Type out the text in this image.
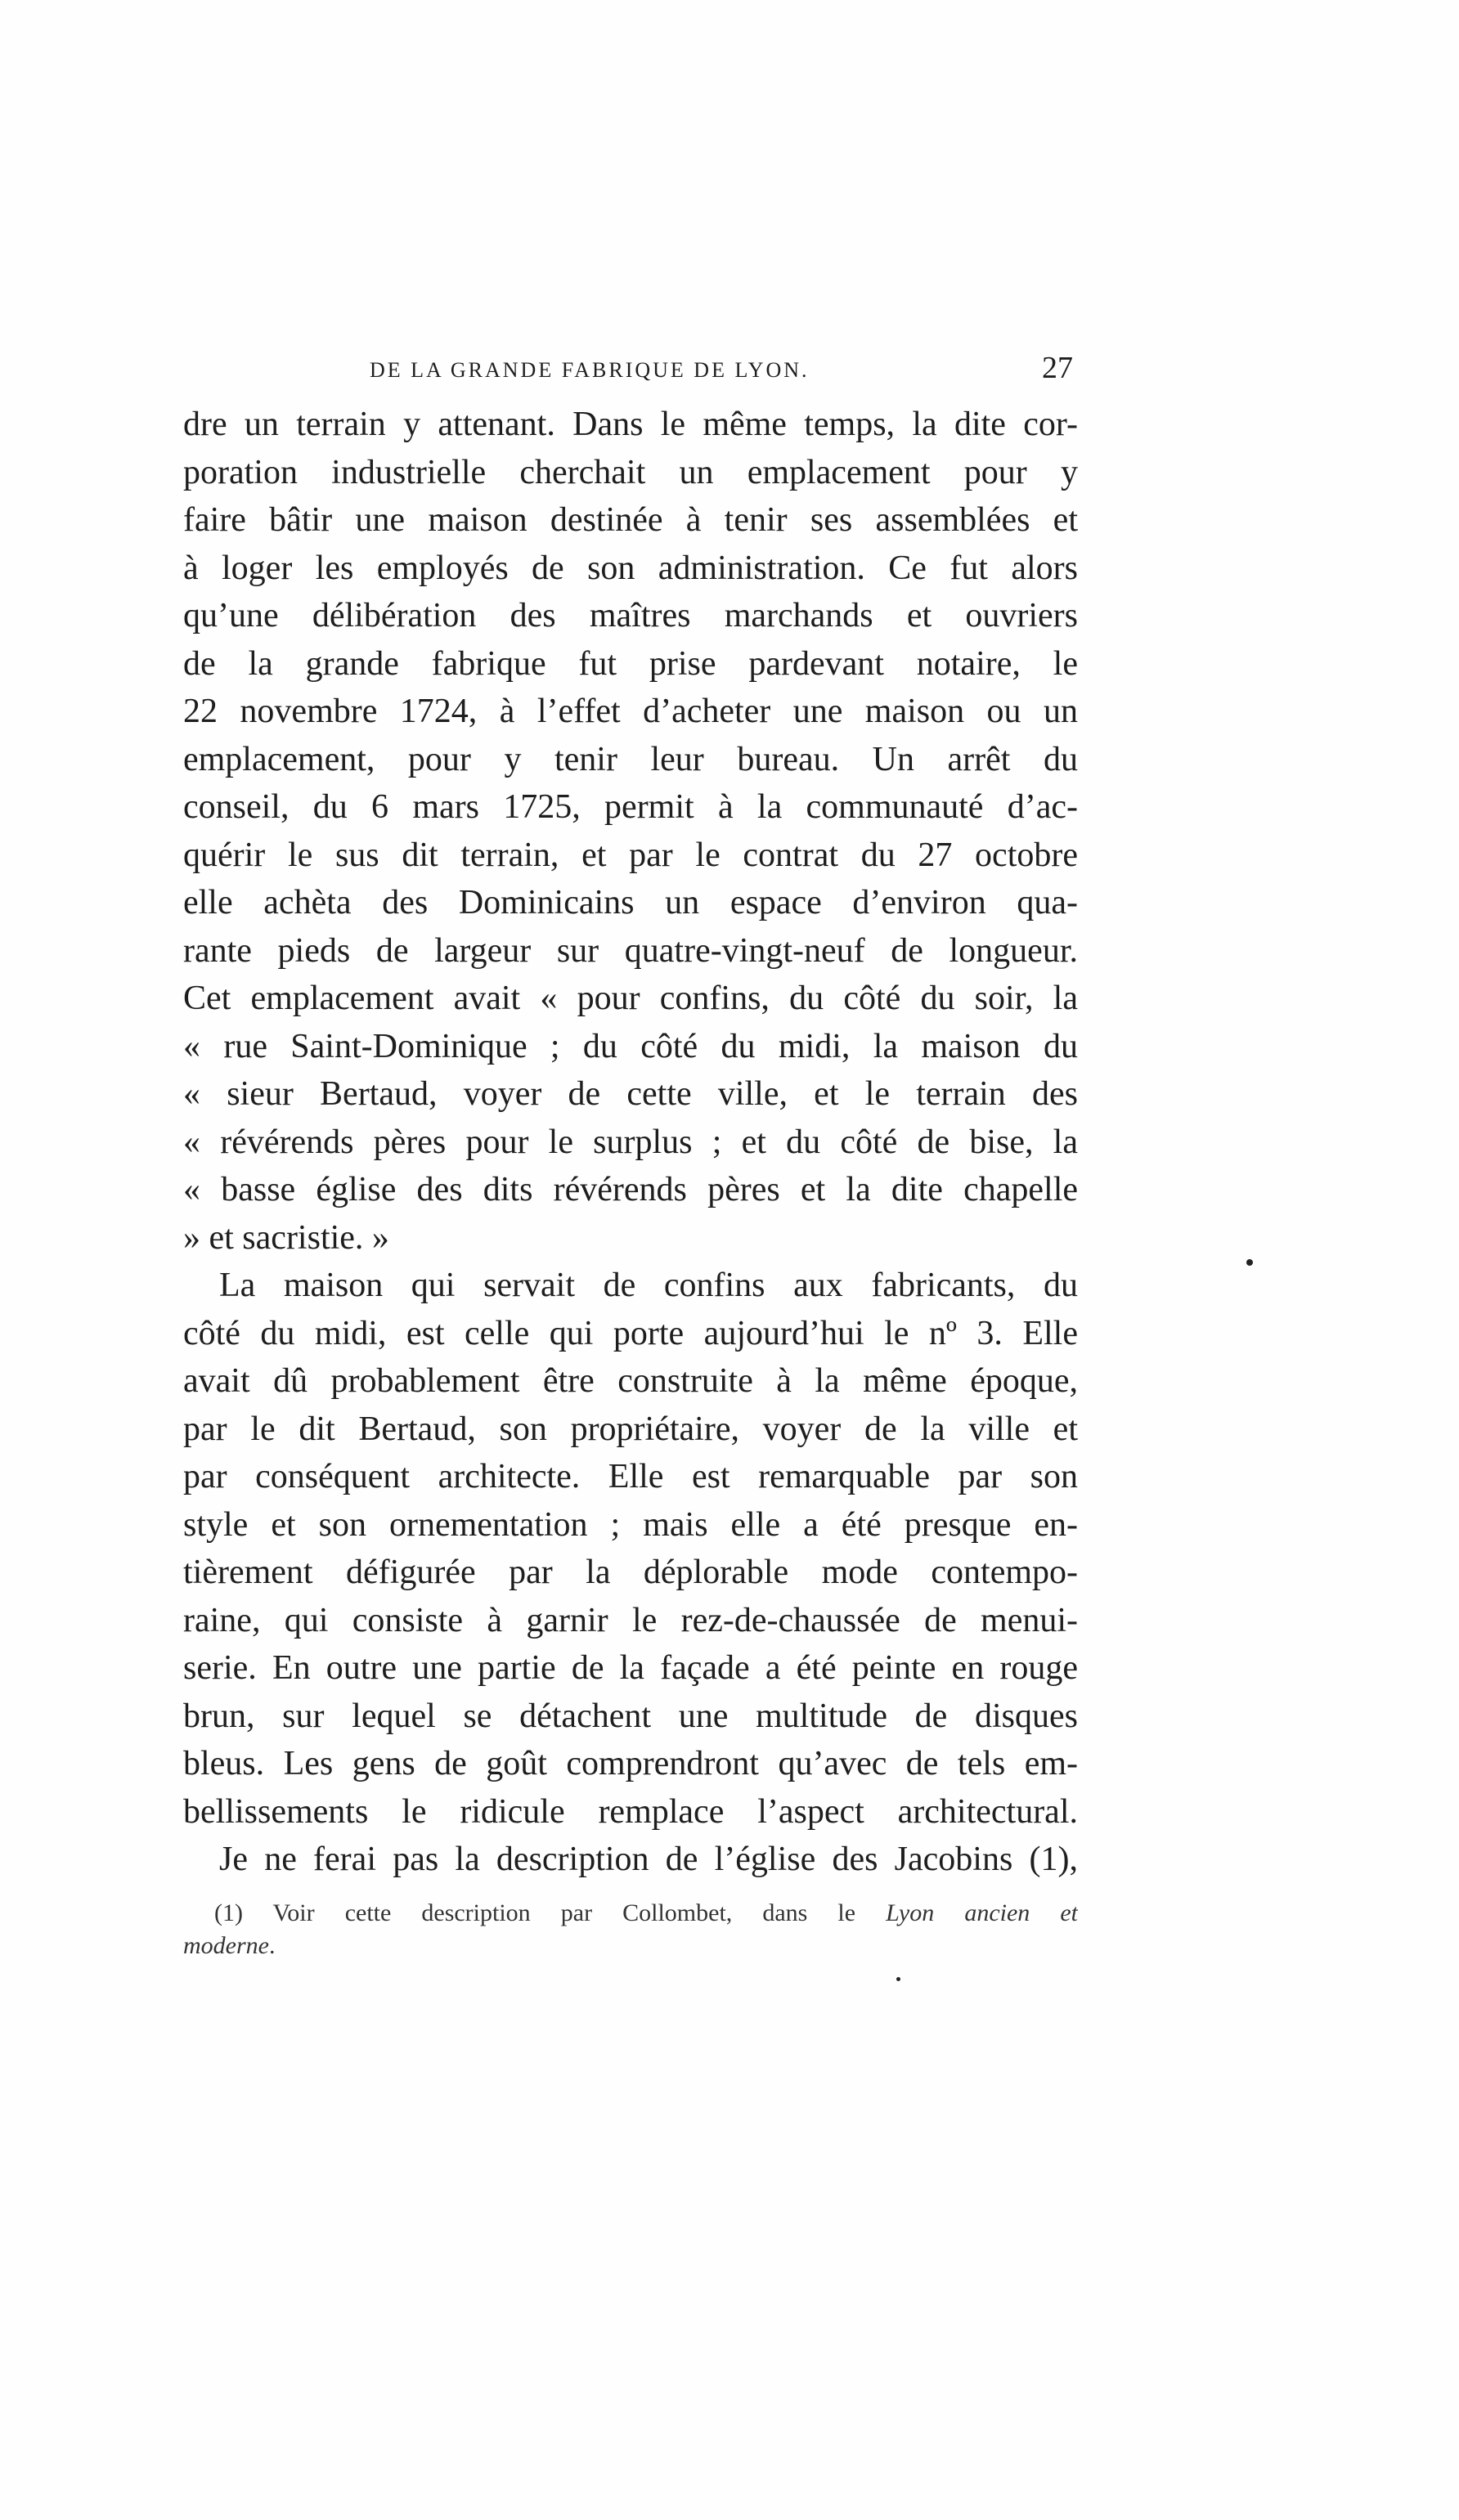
DE LA GRANDE FABRIQUE DE LYON.	27
dre un terrain y attenant. Dans le même temps, la dite cor-
poration industrielle cherchait un emplacement pour y
faire bâtir une maison destinée à tenir ses assemblées et
à loger les employés de son administration. Ce fut alors
qu’une délibération des maîtres marchands et ouvriers
de la grande fabrique fut prise pardevant notaire, le
22 novembre 1724, à l’effet d’acheter une maison ou un
emplacement, pour y tenir leur bureau. Un arrêt du
conseil, du 6 mars 1725, permit à la communauté d’ac-
quérir le sus dit terrain, et par le contrat du 27 octobre
elle achèta des Dominicains un espace d’environ qua-
rante pieds de largeur sur quatre-vingt-neuf de longueur.
Cet emplacement avait « pour confins, du côté du soir, la
« rue Saint-Dominique ; du côté du midi, la maison du
« sieur Bertaud, voyer de cette ville, et le terrain des
« révérends pères pour le surplus ; et du côté de bise, la
« basse église des dits révérends pères et la dite chapelle
» et sacristie. »
La maison qui servait de confins aux fabricants, du
côté du midi, est celle qui porte aujourd’hui le nº 3. Elle
avait dû probablement être construite à la même époque,
par le dit Bertaud, son propriétaire, voyer de la ville et
par conséquent architecte. Elle est remarquable par son
style et son ornementation ; mais elle a été presque en-
tièrement défigurée par la déplorable mode contempo-
raine, qui consiste à garnir le rez-de-chaussée de menui-
serie. En outre une partie de la façade a été peinte en rouge
brun, sur lequel se détachent une multitude de disques
bleus. Les gens de goût comprendront qu’avec de tels em-
bellissements le ridicule remplace l’aspect architectural.
Je ne ferai pas la description de l’église des Jacobins (1),
(1) Voir cette description par Collombet, dans le Lyon ancien et
moderne.
